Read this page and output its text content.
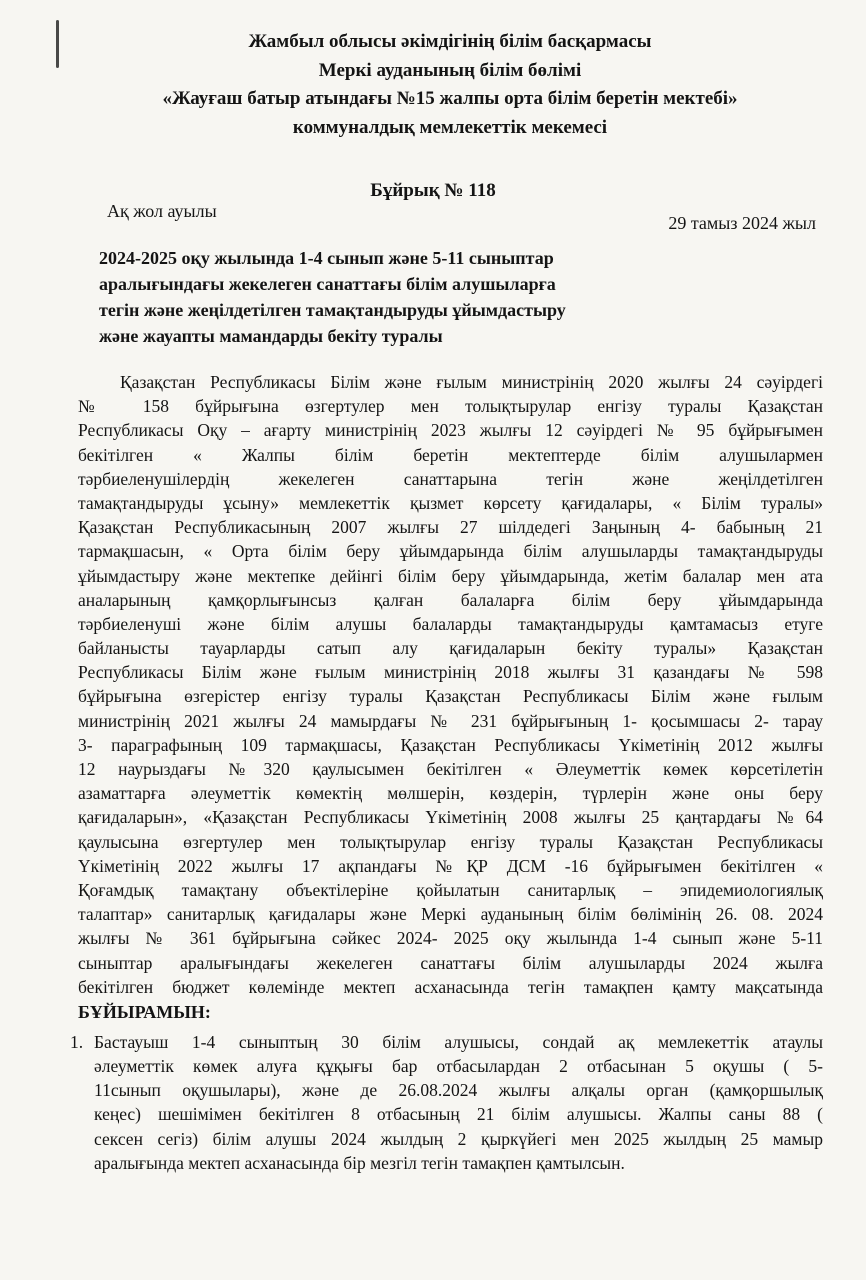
Жамбыл облысы әкімдігінің білім басқармасы
Меркі ауданының білім бөлімі
«Жауғаш батыр атындағы №15 жалпы орта білім беретін мектебі»
коммуналдық мемлекеттік мекемесі
Бұйрық № 118
Ақ жол ауылы
29 тамыз 2024 жыл
2024-2025 оқу жылында 1-4 сынып және 5-11 сыныптар
аралығындағы жекелеген санаттағы білім алушыларға
тегін және жеңілдетілген тамақтандыруды ұйымдастыру
және жауапты мамандарды бекіту туралы
Қазақстан Республикасы Білім және ғылым министрінің 2020 жылғы 24 сәуірдегі
№ 158 бұйрығына өзгертулер мен толықтырулар енгізу туралы Қазақстан
Республикасы Оқу – ағарту министрінің 2023 жылғы 12 сәуірдегі № 95 бұйрығымен
бекітілген « Жалпы білім беретін мектептерде білім алушылармен
тәрбиеленушілердің жекелеген санаттарына тегін және жеңілдетілген
тамақтандыруды ұсыну» мемлекеттік қызмет көрсету қағидалары, « Білім туралы»
Қазақстан Республикасының 2007 жылғы 27 шілдедегі Заңының 4- бабының 21
тармақшасын, « Орта білім беру ұйымдарында білім алушыларды тамақтандыруды
ұйымдастыру және мектепке дейінгі білім беру ұйымдарында, жетім балалар мен ата
аналарының қамқорлығынсыз қалған балаларға білім беру ұйымдарында
тәрбиеленуші және білім алушы балаларды тамақтандыруды қамтамасыз етуге
байланысты тауарларды сатып алу қағидаларын бекіту туралы» Қазақстан
Республикасы Білім және ғылым министрінің 2018 жылғы 31 қазандағы № 598
бұйрығына өзгерістер енгізу туралы Қазақстан Республикасы Білім және ғылым
министрінің 2021 жылғы 24 мамырдағы № 231 бұйрығының 1- қосымшасы 2- тарау
3- параграфының 109 тармақшасы, Қазақстан Республикасы Үкіметінің 2012 жылғы
12 наурыздағы №320 қаулысымен бекітілген « Әлеуметтік көмек көрсетілетін
азаматтарға әлеуметтік көмектің мөлшерін, көздерін, түрлерін және оны беру
қағидаларын», «Қазақстан Республикасы Үкіметінің 2008 жылғы 25 қаңтардағы №64
қаулысына өзгертулер мен толықтырулар енгізу туралы Қазақстан Республикасы
Үкіметінің 2022 жылғы 17 ақпандағы №ҚР ДСМ -16 бұйрығымен бекітілген «
Қоғамдық тамақтану объектілеріне қойылатын санитарлық – эпидемиологиялық
талаптар» санитарлық қағидалары және Меркі ауданының білім бөлімінің 26. 08. 2024
жылғы № 361 бұйрығына сәйкес 2024- 2025 оқу жылында 1-4 сынып және 5-11
сыныптар аралығындағы жекелеген санаттағы білім алушыларды 2024 жылға
бекітілген бюджет көлемінде мектеп асханасында тегін тамақпен қамту мақсатында
БҰЙЫРАМЫН:
1. Бастауыш 1-4 сыныптың 30 білім алушысы, сондай ақ мемлекеттік атаулы
әлеуметтік көмек алуға құқығы бар отбасылардан 2 отбасынан 5 оқушы ( 5-
11сынып оқушылары), және де 26.08.2024 жылғы алқалы орган (қамқоршылық
кеңес) шешімімен бекітілген 8 отбасының 21 білім алушысы. Жалпы саны 88 (
сексен сегіз) білім алушы 2024 жылдың 2 қыркүйегі мен 2025 жылдың 25 мамыр
аралығында мектеп асханасында бір мезгіл тегін тамақпен қамтылсын.
